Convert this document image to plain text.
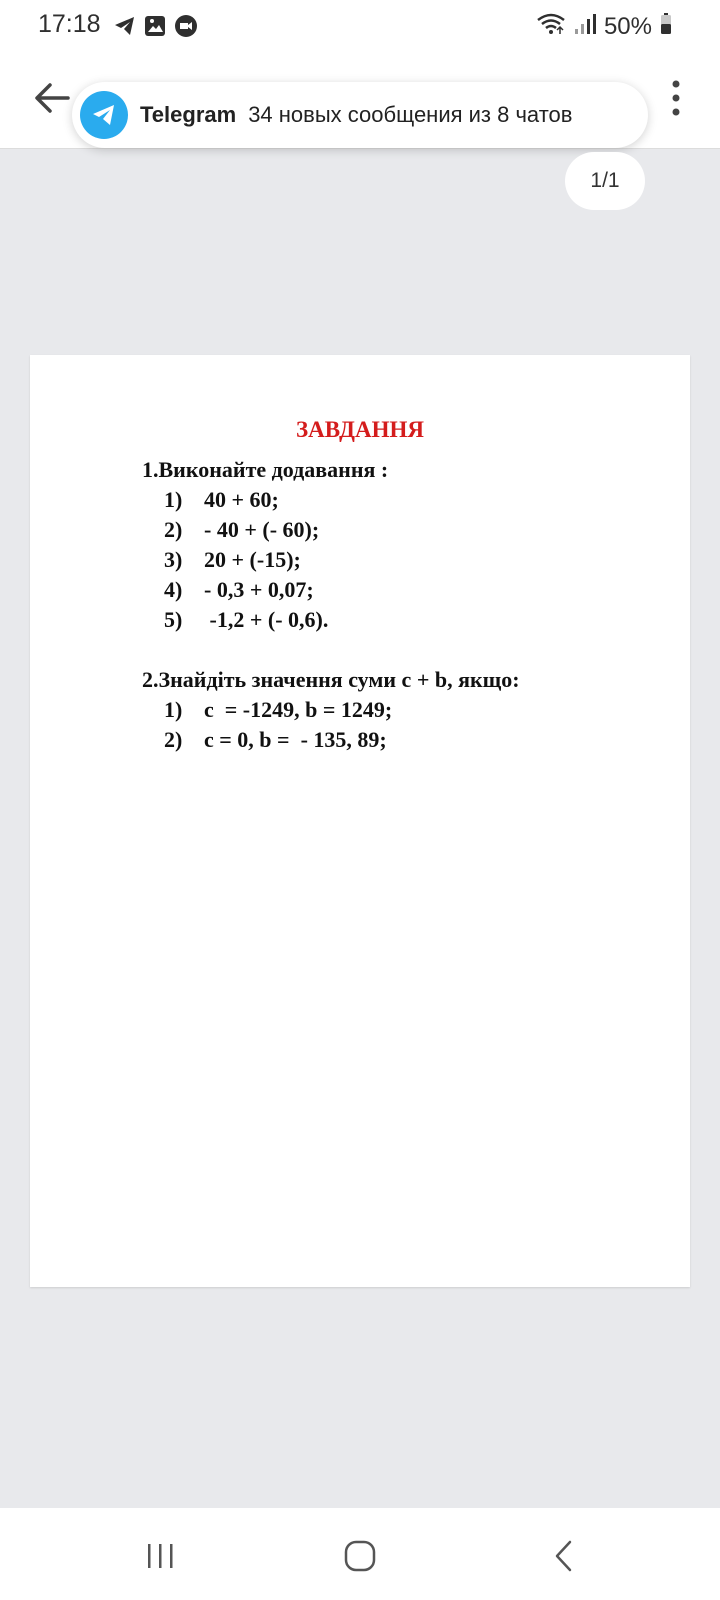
17:18	50%
Telegram 34 новых сообщения из 8 чатов
1/1
ЗАВДАННЯ
1.Виконайте додавання :
1) 40 + 60;
2) - 40 + (- 60);
3) 20 + (-15);
4) - 0,3 + 0,07;
5) -1,2 + (- 0,6).
2.Знайдіть значення суми c + b, якщо:
1) c  = -1249, b = 1249;
2) c = 0, b =  - 135, 89;
